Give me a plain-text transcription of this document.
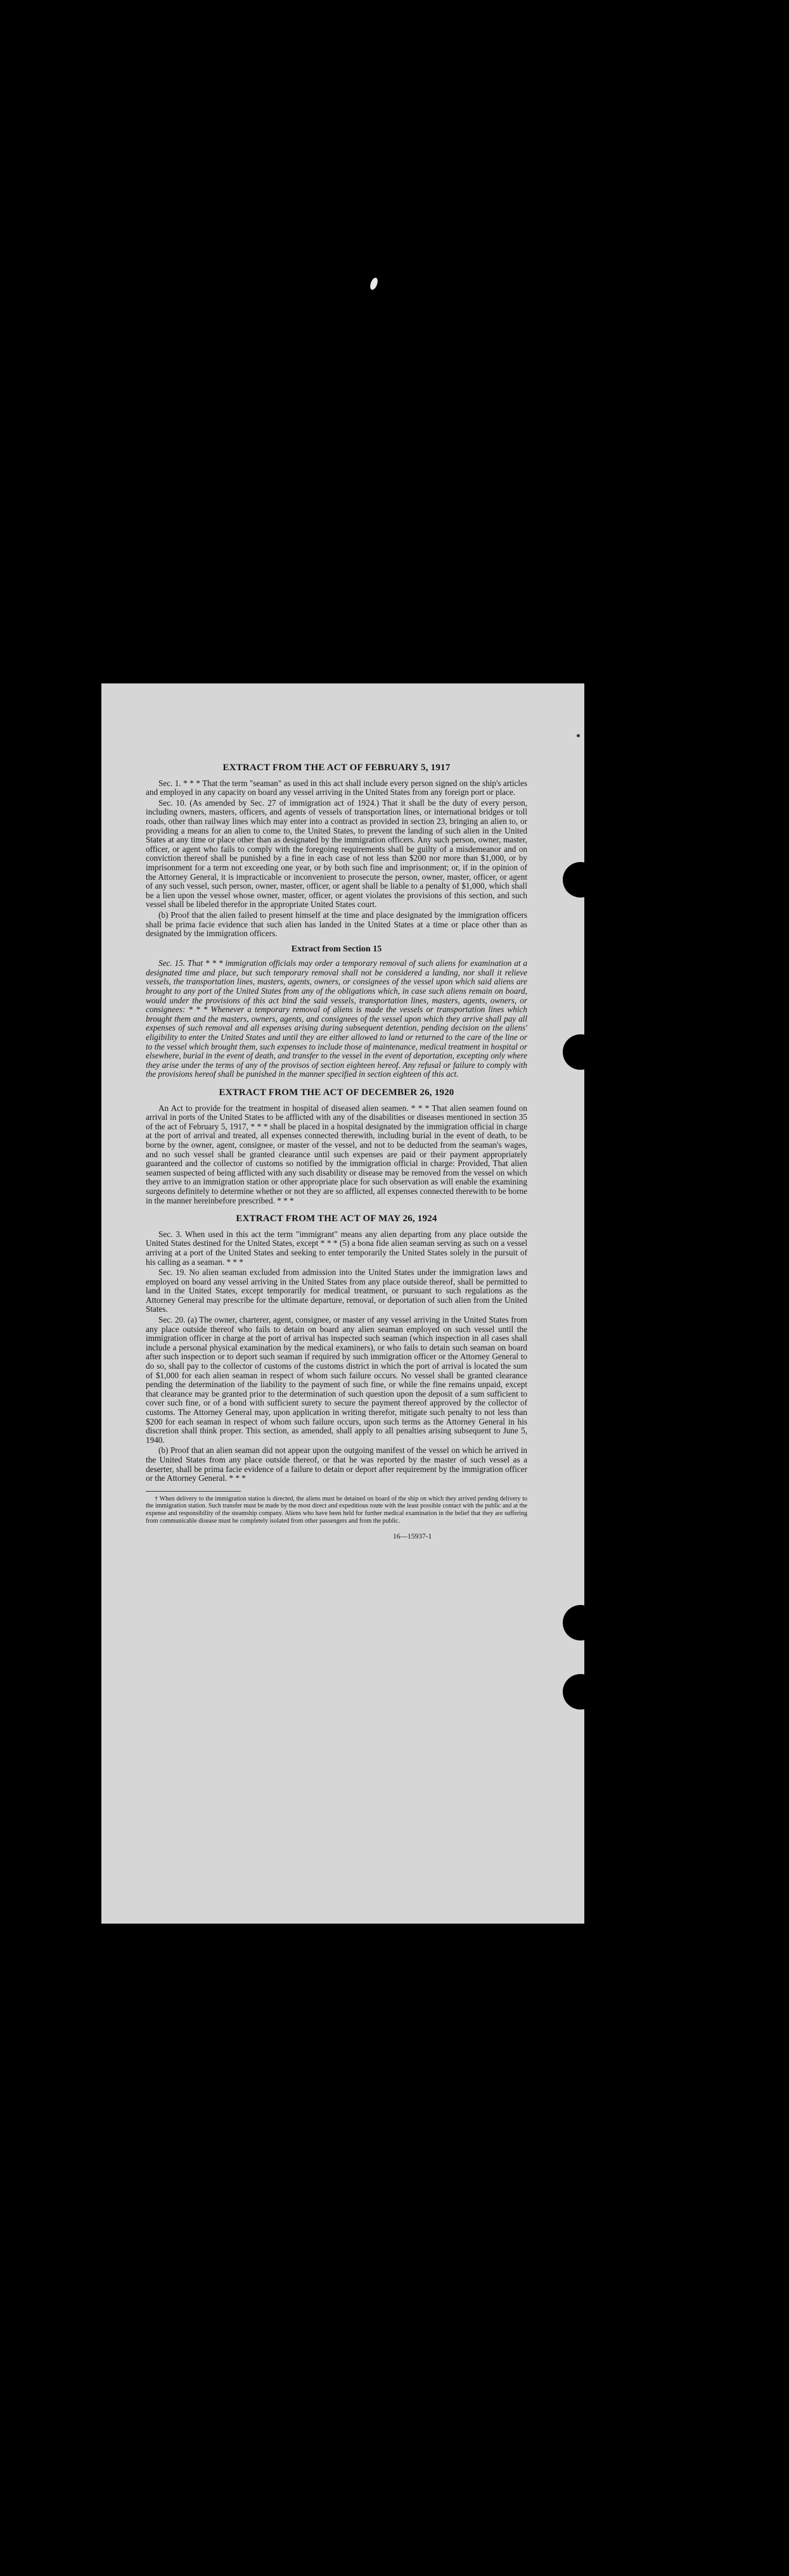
EXTRACT FROM THE ACT OF FEBRUARY 5, 1917

Sec. 1. * * * That the term "seaman" as used in this act shall include every person signed on the ship's articles and employed in any capacity on board any vessel arriving in the United States from any foreign port or place.

Sec. 10. (As amended by Sec. 27 of immigration act of 1924.) That it shall be the duty of every person, including owners, masters, officers, and agents of vessels of transportation lines, or international bridges or toll roads, other than railway lines which may enter into a contract as provided in section 23, bringing an alien to, or providing a means for an alien to come to, the United States, to prevent the landing of such alien in the United States at any time or place other than as designated by the immigration officers. Any such person, owner, master, officer, or agent who fails to comply with the foregoing requirements shall be guilty of a misdemeanor and on conviction thereof shall be punished by a fine in each case of not less than $200 nor more than $1,000, or by imprisonment for a term not exceeding one year, or by both such fine and imprisonment; or, if in the opinion of the Attorney General, it is impracticable or inconvenient to prosecute the person, owner, master, officer, or agent of any such vessel, such person, owner, master, officer, or agent shall be liable to a penalty of $1,000, which shall be a lien upon the vessel whose owner, master, officer, or agent violates the provisions of this section, and such vessel shall be libeled therefor in the appropriate United States court.

(b) Proof that the alien failed to present himself at the time and place designated by the immigration officers shall be prima facie evidence that such alien has landed in the United States at a time or place other than as designated by the immigration officers.

Extract from Section 15

Sec. 15. That * * * immigration officials may order a temporary removal of such aliens for examination at a designated time and place, but such temporary removal shall not be considered a landing, nor shall it relieve vessels, the transportation lines, masters, agents, owners, or consignees of the vessel upon which said aliens are brought to any port of the United States from any of the obligations which, in case such aliens remain on board, would under the provisions of this act bind the said vessels, transportation lines, masters, agents, owners, or consignees: * * * Whenever a temporary removal of aliens is made the vessels or transportation lines which brought them and the masters, owners, agents, and consignees of the vessel upon which they arrive shall pay all expenses of such removal and all expenses arising during subsequent detention, pending decision on the aliens' eligibility to enter the United States and until they are either allowed to land or returned to the care of the line or to the vessel which brought them, such expenses to include those of maintenance, medical treatment in hospital or elsewhere, burial in the event of death, and transfer to the vessel in the event of deportation, excepting only where they arise under the terms of any of the provisos of section eighteen hereof. Any refusal or failure to comply with the provisions hereof shall be punished in the manner specified in section eighteen of this act.

EXTRACT FROM THE ACT OF DECEMBER 26, 1920

An Act to provide for the treatment in hospital of diseased alien seamen. * * * That alien seamen found on arrival in ports of the United States to be afflicted with any of the disabilities or diseases mentioned in section 35 of the act of February 5, 1917, * * * shall be placed in a hospital designated by the immigration official in charge at the port of arrival and treated, all expenses connected therewith, including burial in the event of death, to be borne by the owner, agent, consignee, or master of the vessel, and not to be deducted from the seaman's wages, and no such vessel shall be granted clearance until such expenses are paid or their payment appropriately guaranteed and the collector of customs so notified by the immigration official in charge: Provided, That alien seamen suspected of being afflicted with any such disability or disease may be removed from the vessel on which they arrive to an immigration station or other appropriate place for such observation as will enable the examining surgeons definitely to determine whether or not they are so afflicted, all expenses connected therewith to be borne in the manner hereinbefore prescribed. * * *

EXTRACT FROM THE ACT OF MAY 26, 1924

Sec. 3. When used in this act the term "immigrant" means any alien departing from any place outside the United States destined for the United States, except * * * (5) a bona fide alien seaman serving as such on a vessel arriving at a port of the United States and seeking to enter temporarily the United States solely in the pursuit of his calling as a seaman. * * *

Sec. 19. No alien seaman excluded from admission into the United States under the immigration laws and employed on board any vessel arriving in the United States from any place outside thereof, shall be permitted to land in the United States, except temporarily for medical treatment, or pursuant to such regulations as the Attorney General may prescribe for the ultimate departure, removal, or deportation of such alien from the United States.

Sec. 20. (a) The owner, charterer, agent, consignee, or master of any vessel arriving in the United States from any place outside thereof who fails to detain on board any alien seaman employed on such vessel until the immigration officer in charge at the port of arrival has inspected such seaman (which inspection in all cases shall include a personal physical examination by the medical examiners), or who fails to detain such seaman on board after such inspection or to deport such seaman if required by such immigration officer or the Attorney General to do so, shall pay to the collector of customs of the customs district in which the port of arrival is located the sum of $1,000 for each alien seaman in respect of whom such failure occurs. No vessel shall be granted clearance pending the determination of the liability to the payment of such fine, or while the fine remains unpaid, except that clearance may be granted prior to the determination of such question upon the deposit of a sum sufficient to cover such fine, or of a bond with sufficient surety to secure the payment thereof approved by the collector of customs. The Attorney General may, upon application in writing therefor, mitigate such penalty to not less than $200 for each seaman in respect of whom such failure occurs, upon such terms as the Attorney General in his discretion shall think proper. This section, as amended, shall apply to all penalties arising subsequent to June 5, 1940.

(b) Proof that an alien seaman did not appear upon the outgoing manifest of the vessel on which he arrived in the United States from any place outside thereof, or that he was reported by the master of such vessel as a deserter, shall be prima facie evidence of a failure to detain or deport after requirement by the immigration officer or the Attorney General. * * *

† When delivery to the immigration station is directed, the aliens must be detained on board of the ship on which they arrived pending delivery to the immigration station. Such transfer must be made by the most direct and expeditious route with the least possible contact with the public and at the expense and responsibility of the steamship company. Aliens who have been held for further medical examination in the belief that they are suffering from communicable disease must be completely isolated from other passengers and from the public.

16—15937-1
